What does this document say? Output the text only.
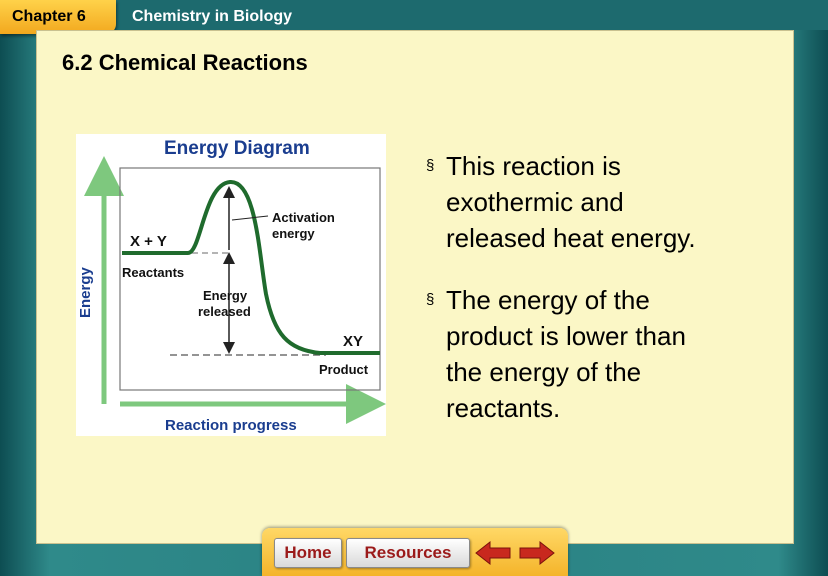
Chapter 6	Chemistry in Biology
6.2 Chemical Reactions
Energy Diagram
Energy
Reaction progress
X + Y
Reactants
Activation
energy
Energy
released
XY
Product
§ This reaction is
exothermic and
released heat energy.
§ The energy of the
product is lower than
the energy of the
reactants.
Home	Resources
